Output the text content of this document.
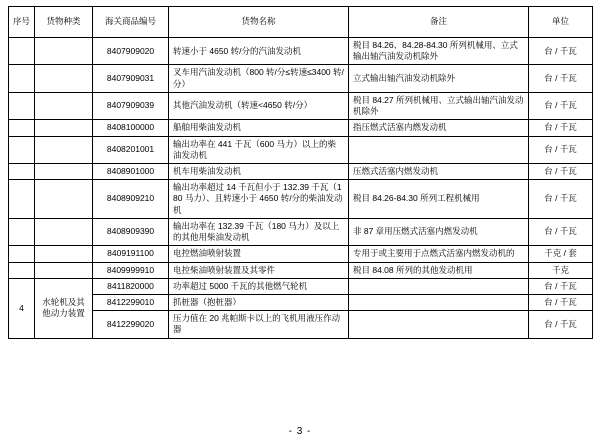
序号	货物种类	海关商品编号	货物名称	备注	单位
		8407909020	转速小于 4650 转/分的汽油发动机	税目 84.26、84.28-84.30 所列机械用、立式输出轴汽油发动机除外	台 / 千瓦
		8407909031	叉车用汽油发动机（800 转/分≤转速≤3400 转/分）	立式输出轴汽油发动机除外	台 / 千瓦
		8407909039	其他汽油发动机（转速<4650 转/分）	税目 84.27 所列机械用、立式输出轴汽油发动机除外	台 / 千瓦
		8408100000	船舶用柴油发动机	指压燃式活塞内燃发动机	台 / 千瓦
		8408201001	输出功率在 441 千瓦（600 马力）以上的柴油发动机		台 / 千瓦
		8408901000	机车用柴油发动机	压燃式活塞内燃发动机	台 / 千瓦
		8408909210	输出功率超过 14 千瓦但小于 132.39 千瓦（180 马力）、且转速小于 4650 转/分的柴油发动机	税目 84.26-84.30 所列工程机械用	台 / 千瓦
		8408909390	输出功率在 132.39 千瓦（180 马力）及以上的其他用柴油发动机	非 87 章用压燃式活塞内燃发动机	台 / 千瓦
		8409191100	电控燃油喷射装置	专用于或主要用于点燃式活塞内燃发动机的	千克 / 套
		8409999910	电控柴油喷射装置及其零件	税目 84.08 所列的其他发动机用	千克
4	水轮机及其他动力装置	8411820000	功率超过 5000 千瓦的其他燃气轮机		台 / 千瓦
		8412299010	抓桩器（抱桩器）		台 / 千瓦
		8412299020	压力值在 20 兆帕斯卡以上的飞机用液压作动器		台 / 千瓦
- 3 -
